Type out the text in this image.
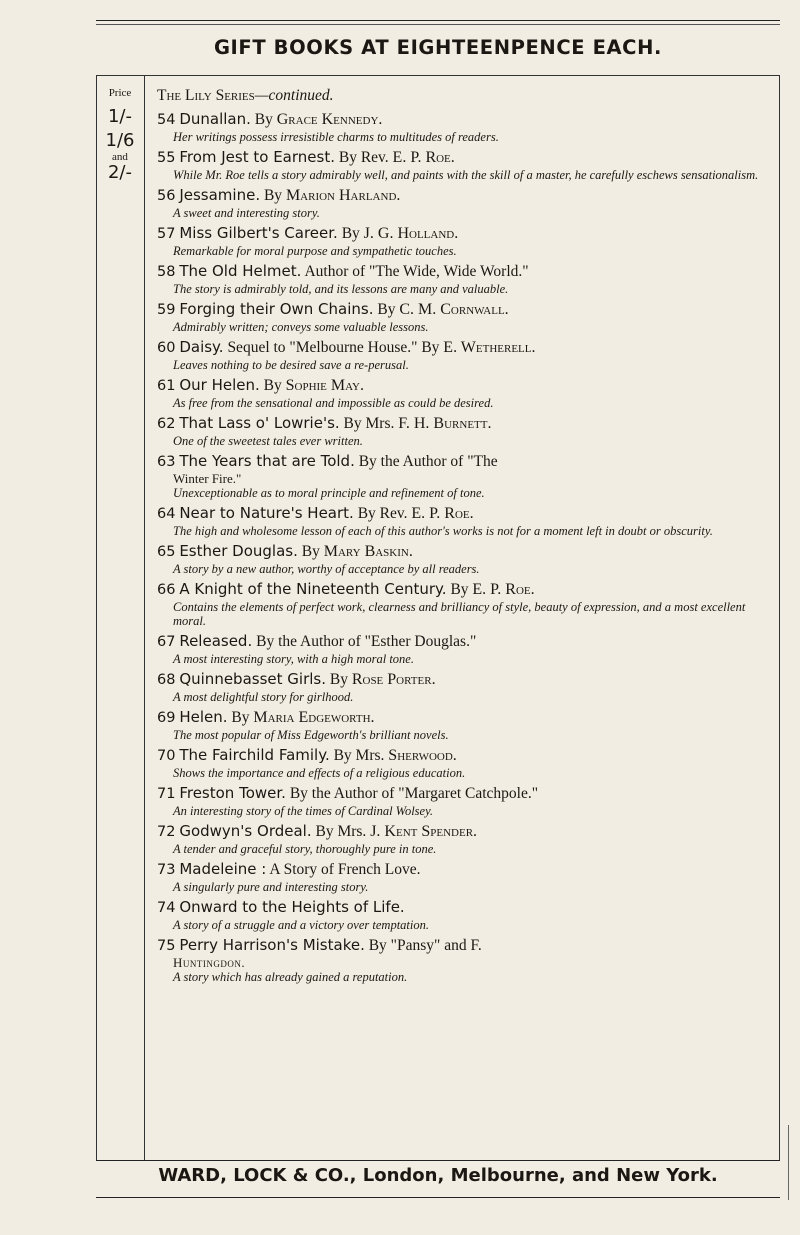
GIFT BOOKS AT EIGHTEENPENCE EACH.
Price
1/-
1/6
and
2/-
The Lily Series—continued.
54 Dunallan. By Grace Kennedy.
Her writings possess irresistible charms to multitudes of readers.
55 From Jest to Earnest. By Rev. E. P. Roe.
While Mr. Roe tells a story admirably well, and paints with the skill of a master, he carefully eschews sensationalism.
56 Jessamine. By Marion Harland.
A sweet and interesting story.
57 Miss Gilbert's Career. By J. G. Holland.
Remarkable for moral purpose and sympathetic touches.
58 The Old Helmet. Author of "The Wide, Wide World."
The story is admirably told, and its lessons are many and valuable.
59 Forging their Own Chains. By C. M. Cornwall.
Admirably written; conveys some valuable lessons.
60 Daisy. Sequel to "Melbourne House." By E. Wetherell.
Leaves nothing to be desired save a re-perusal.
61 Our Helen. By Sophie May.
As free from the sensational and impossible as could be desired.
62 That Lass o' Lowrie's. By Mrs. F. H. Burnett.
One of the sweetest tales ever written.
63 The Years that are Told. By the Author of "The
Winter Fire."
Unexceptionable as to moral principle and refinement of tone.
64 Near to Nature's Heart. By Rev. E. P. Roe.
The high and wholesome lesson of each of this author's works is not for a moment left in doubt or obscurity.
65 Esther Douglas. By Mary Baskin.
A story by a new author, worthy of acceptance by all readers.
66 A Knight of the Nineteenth Century. By E. P. Roe.
Contains the elements of perfect work, clearness and brilliancy of style, beauty of expression, and a most excellent moral.
67 Released. By the Author of "Esther Douglas."
A most interesting story, with a high moral tone.
68 Quinnebasset Girls. By Rose Porter.
A most delightful story for girlhood.
69 Helen. By Maria Edgeworth.
The most popular of Miss Edgeworth's brilliant novels.
70 The Fairchild Family. By Mrs. Sherwood.
Shows the importance and effects of a religious education.
71 Freston Tower. By the Author of "Margaret Catchpole."
An interesting story of the times of Cardinal Wolsey.
72 Godwyn's Ordeal. By Mrs. J. Kent Spender.
A tender and graceful story, thoroughly pure in tone.
73 Madeleine : A Story of French Love.
A singularly pure and interesting story.
74 Onward to the Heights of Life.
A story of a struggle and a victory over temptation.
75 Perry Harrison's Mistake. By "Pansy" and F.
Huntingdon.
A story which has already gained a reputation.
WARD, LOCK & CO., London, Melbourne, and New York.
